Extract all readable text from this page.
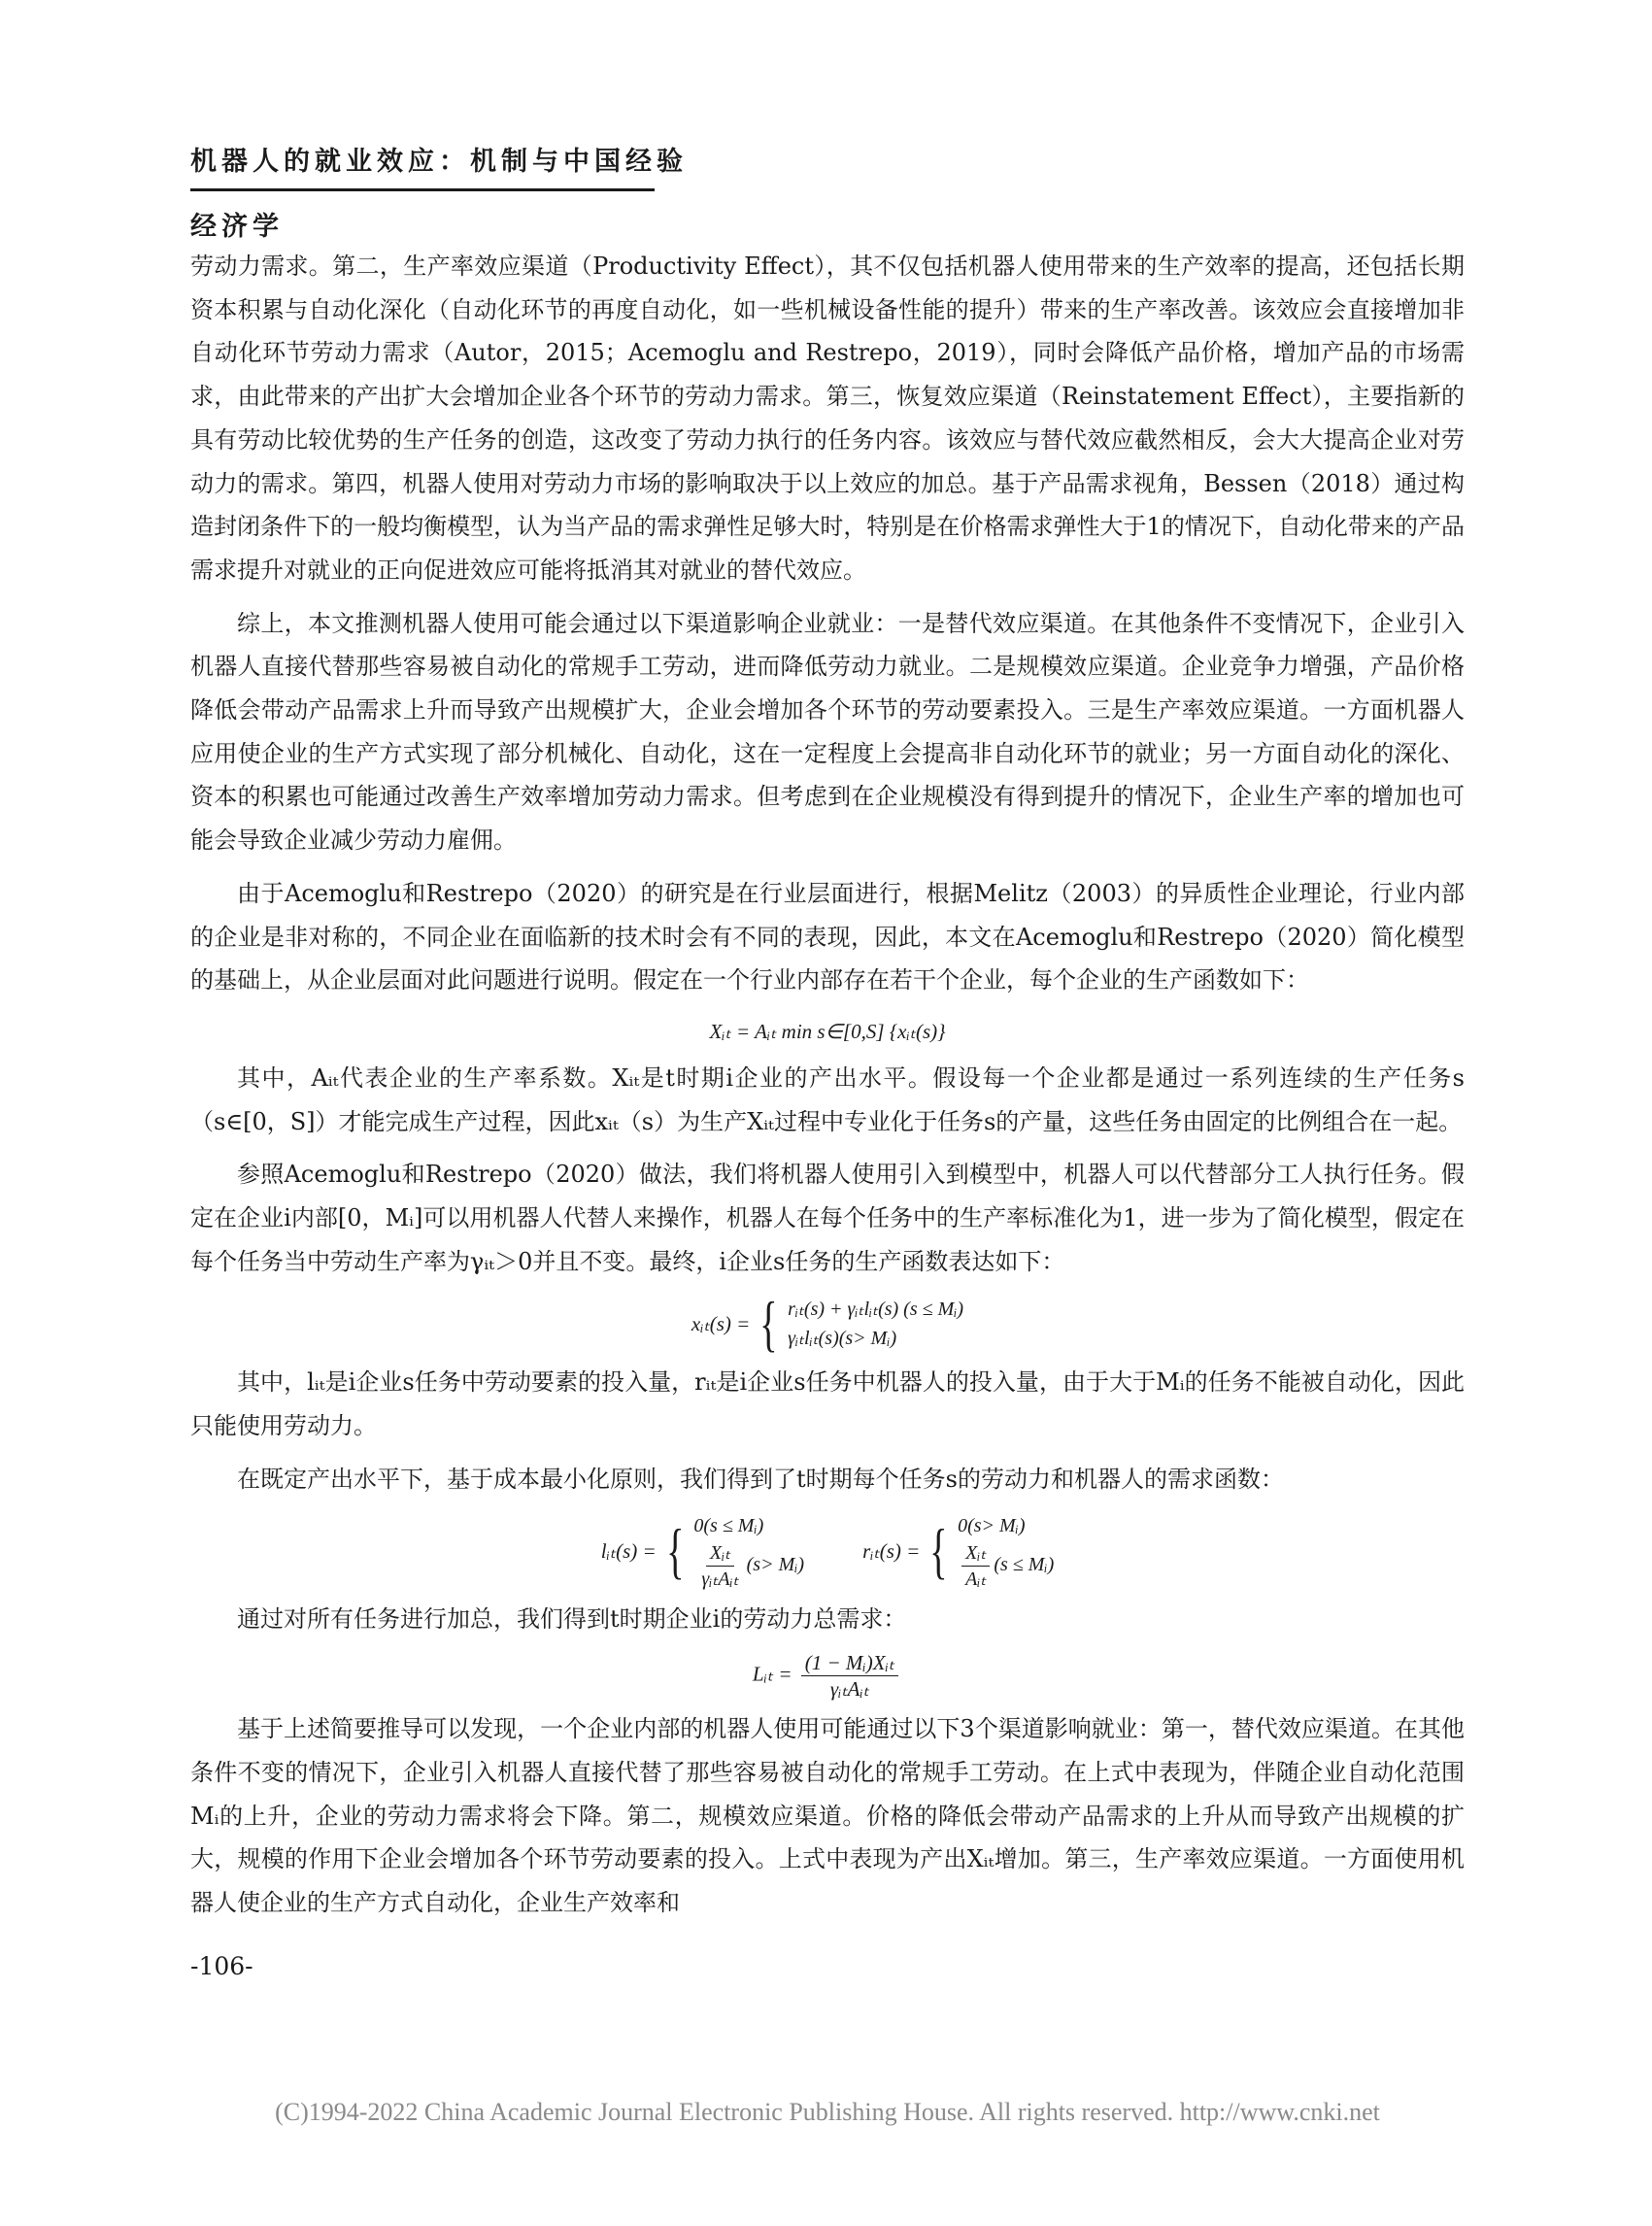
机器人的就业效应：机制与中国经验
经济学

劳动力需求。第二，生产率效应渠道（Productivity Effect），其不仅包括机器人使用带来的生产效率的提高，还包括长期资本积累与自动化深化（自动化环节的再度自动化，如一些机械设备性能的提升）带来的生产率改善。该效应会直接增加非自动化环节劳动力需求（Autor，2015；Acemoglu and Restrepo，2019），同时会降低产品价格，增加产品的市场需求，由此带来的产出扩大会增加企业各个环节的劳动力需求。第三，恢复效应渠道（Reinstatement Effect），主要指新的具有劳动比较优势的生产任务的创造，这改变了劳动力执行的任务内容。该效应与替代效应截然相反，会大大提高企业对劳动力的需求。第四，机器人使用对劳动力市场的影响取决于以上效应的加总。基于产品需求视角，Bessen（2018）通过构造封闭条件下的一般均衡模型，认为当产品的需求弹性足够大时，特别是在价格需求弹性大于1的情况下，自动化带来的产品需求提升对就业的正向促进效应可能将抵消其对就业的替代效应。

综上，本文推测机器人使用可能会通过以下渠道影响企业就业：一是替代效应渠道。在其他条件不变情况下，企业引入机器人直接代替那些容易被自动化的常规手工劳动，进而降低劳动力就业。二是规模效应渠道。企业竞争力增强，产品价格降低会带动产品需求上升而导致产出规模扩大，企业会增加各个环节的劳动要素投入。三是生产率效应渠道。一方面机器人应用使企业的生产方式实现了部分机械化、自动化，这在一定程度上会提高非自动化环节的就业；另一方面自动化的深化、资本的积累也可能通过改善生产效率增加劳动力需求。但考虑到在企业规模没有得到提升的情况下，企业生产率的增加也可能会导致企业减少劳动力雇佣。

由于Acemoglu和Restrepo（2020）的研究是在行业层面进行，根据Melitz（2003）的异质性企业理论，行业内部的企业是非对称的，不同企业在面临新的技术时会有不同的表现，因此，本文在Acemoglu和Restrepo（2020）简化模型的基础上，从企业层面对此问题进行说明。假定在一个行业内部存在若干个企业，每个企业的生产函数如下：

Xᵢₜ = Aᵢₜ min s∈[0,S] {xᵢₜ(s)}

其中，Aᵢₜ代表企业的生产率系数。Xᵢₜ是t时期i企业的产出水平。假设每一个企业都是通过一系列连续的生产任务s（s∈[0，S]）才能完成生产过程，因此xᵢₜ（s）为生产Xᵢₜ过程中专业化于任务s的产量，这些任务由固定的比例组合在一起。

参照Acemoglu和Restrepo（2020）做法，我们将机器人使用引入到模型中，机器人可以代替部分工人执行任务。假定在企业i内部[0，Mᵢ]可以用机器人代替人来操作，机器人在每个任务中的生产率标准化为1，进一步为了简化模型，假定在每个任务当中劳动生产率为γᵢₜ＞0并且不变。最终，i企业s任务的生产函数表达如下：

xᵢₜ(s) = { rᵢₜ(s) + γᵢₜlᵢₜ(s) (s ≤ Mᵢ)
γᵢₜlᵢₜ(s)(s> Mᵢ)

其中，lᵢₜ是i企业s任务中劳动要素的投入量，rᵢₜ是i企业s任务中机器人的投入量，由于大于Mᵢ的任务不能被自动化，因此只能使用劳动力。

在既定产出水平下，基于成本最小化原则，我们得到了t时期每个任务s的劳动力和机器人的需求函数：

lᵢₜ(s) = { 0(s ≤ Mᵢ)
$\frac{\text{Xᵢₜ}}{\text{γᵢₜAᵢₜ}} (s>$ Mᵢ)
rᵢₜ(s) = { 0(s> Mᵢ)
$\frac{\text{Xᵢₜ}}{\text{Aᵢₜ}} (s$ ≤ Mᵢ)

通过对所有任务进行加总，我们得到t时期企业i的劳动力总需求：

Lᵢₜ = $\frac{\text{(1 − Mᵢ)Xᵢₜ}}{\text{γᵢₜAᵢₜ}}$

基于上述简要推导可以发现，一个企业内部的机器人使用可能通过以下3个渠道影响就业：第一，替代效应渠道。在其他条件不变的情况下，企业引入机器人直接代替了那些容易被自动化的常规手工劳动。在上式中表现为，伴随企业自动化范围Mᵢ的上升，企业的劳动力需求将会下降。第二，规模效应渠道。价格的降低会带动产品需求的上升从而导致产出规模的扩大，规模的作用下企业会增加各个环节劳动要素的投入。上式中表现为产出Xᵢₜ增加。第三，生产率效应渠道。一方面使用机器人使企业的生产方式自动化，企业生产效率和

-106-
(C)1994-2022 China Academic Journal Electronic Publishing House. All rights reserved. http://www.cnki.net
